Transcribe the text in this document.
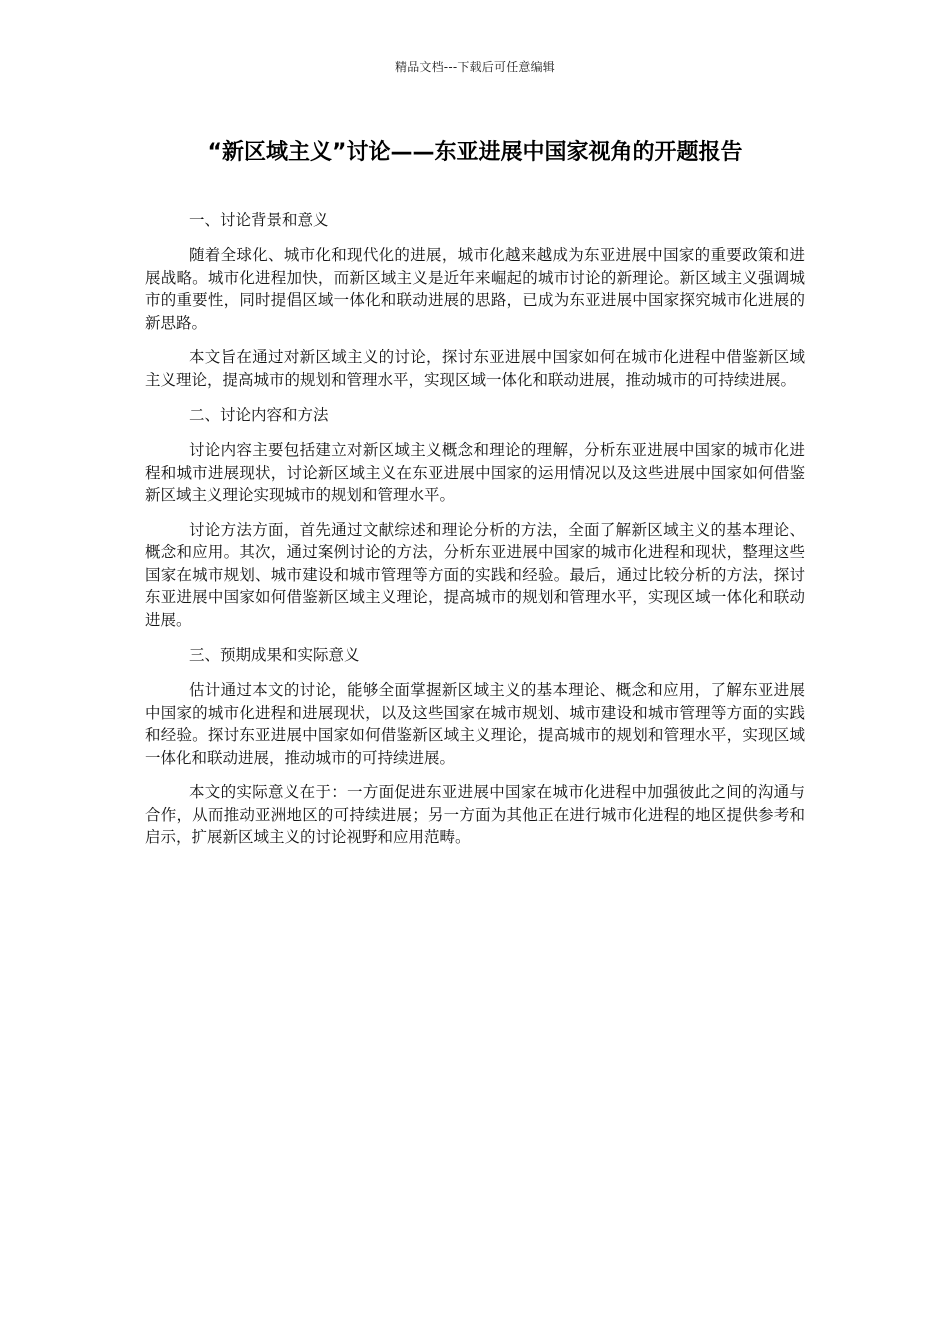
精品文档---下载后可任意编辑
“新区域主义”讨论——东亚进展中国家视角的开题报告
一、讨论背景和意义

随着全球化、城市化和现代化的进展，城市化越来越成为东亚进展中国家的重要政策和进展战略。城市化进程加快，而新区域主义是近年来崛起的城市讨论的新理论。新区域主义强调城市的重要性，同时提倡区域一体化和联动进展的思路，已成为东亚进展中国家探究城市化进展的新思路。

本文旨在通过对新区域主义的讨论，探讨东亚进展中国家如何在城市化进程中借鉴新区域主义理论，提高城市的规划和管理水平，实现区域一体化和联动进展，推动城市的可持续进展。

二、讨论内容和方法

讨论内容主要包括建立对新区域主义概念和理论的理解，分析东亚进展中国家的城市化进程和城市进展现状，讨论新区域主义在东亚进展中国家的运用情况以及这些进展中国家如何借鉴新区域主义理论实现城市的规划和管理水平。

讨论方法方面，首先通过文献综述和理论分析的方法，全面了解新区域主义的基本理论、概念和应用。其次，通过案例讨论的方法，分析东亚进展中国家的城市化进程和现状，整理这些国家在城市规划、城市建设和城市管理等方面的实践和经验。最后，通过比较分析的方法，探讨东亚进展中国家如何借鉴新区域主义理论，提高城市的规划和管理水平，实现区域一体化和联动进展。

三、预期成果和实际意义

估计通过本文的讨论，能够全面掌握新区域主义的基本理论、概念和应用，了解东亚进展中国家的城市化进程和进展现状，以及这些国家在城市规划、城市建设和城市管理等方面的实践和经验。探讨东亚进展中国家如何借鉴新区域主义理论，提高城市的规划和管理水平，实现区域一体化和联动进展，推动城市的可持续进展。

本文的实际意义在于：一方面促进东亚进展中国家在城市化进程中加强彼此之间的沟通与合作，从而推动亚洲地区的可持续进展；另一方面为其他正在进行城市化进程的地区提供参考和启示，扩展新区域主义的讨论视野和应用范畴。
